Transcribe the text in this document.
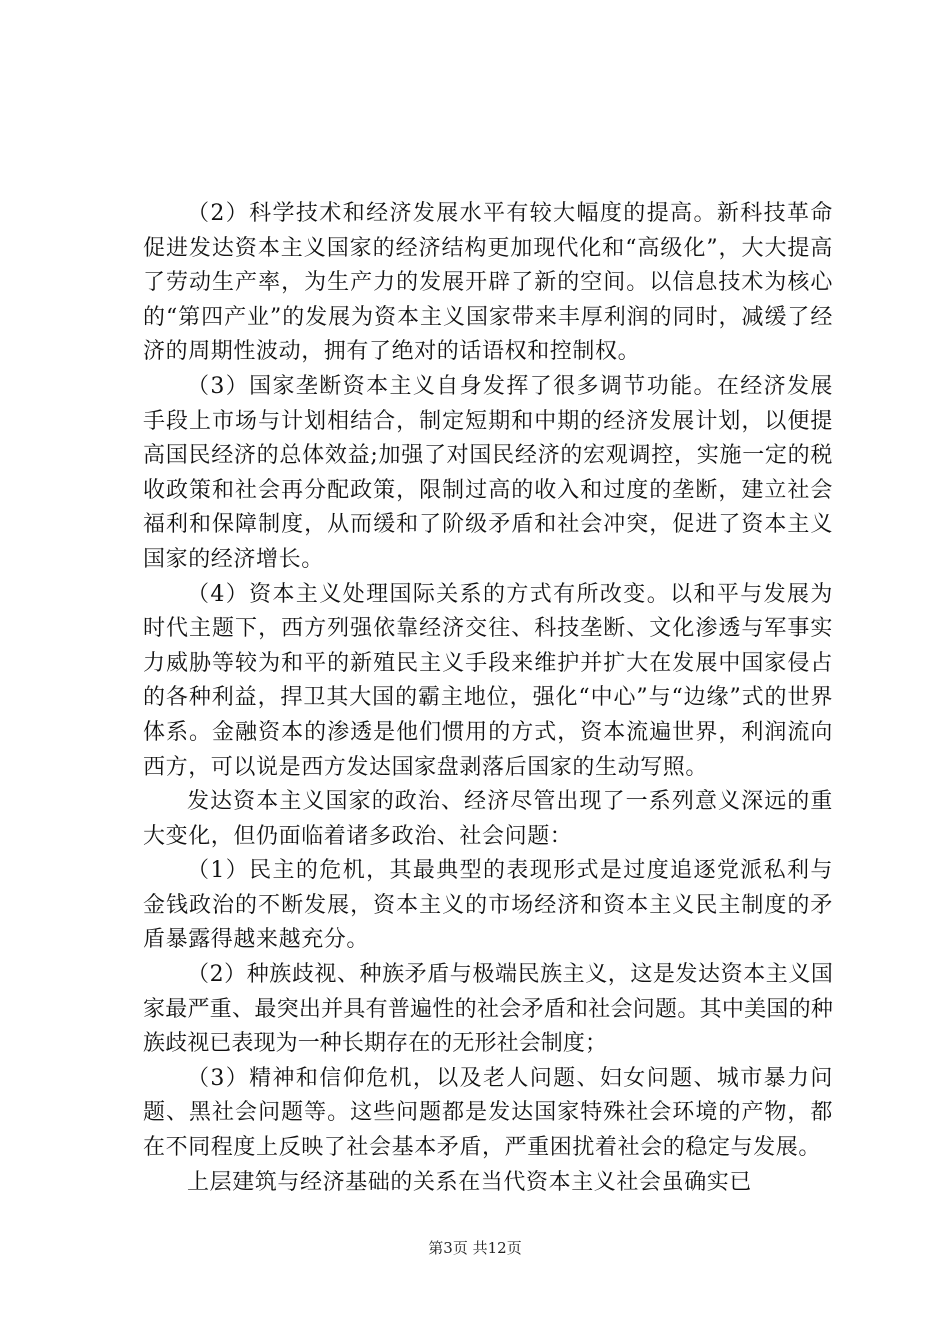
（2）科学技术和经济发展水平有较大幅度的提高。新科技革命促进发达资本主义国家的经济结构更加现代化和“高级化”，大大提高了劳动生产率，为生产力的发展开辟了新的空间。以信息技术为核心的“第四产业”的发展为资本主义国家带来丰厚利润的同时，减缓了经济的周期性波动，拥有了绝对的话语权和控制权。

（3）国家垄断资本主义自身发挥了很多调节功能。在经济发展手段上市场与计划相结合，制定短期和中期的经济发展计划，以便提高国民经济的总体效益;加强了对国民经济的宏观调控，实施一定的税收政策和社会再分配政策，限制过高的收入和过度的垄断，建立社会福利和保障制度，从而缓和了阶级矛盾和社会冲突，促进了资本主义国家的经济增长。

（4）资本主义处理国际关系的方式有所改变。以和平与发展为时代主题下，西方列强依靠经济交往、科技垄断、文化渗透与军事实力威胁等较为和平的新殖民主义手段来维护并扩大在发展中国家侵占的各种利益，捍卫其大国的霸主地位，强化“中心”与“边缘”式的世界体系。金融资本的渗透是他们惯用的方式，资本流遍世界，利润流向西方，可以说是西方发达国家盘剥落后国家的生动写照。

发达资本主义国家的政治、经济尽管出现了一系列意义深远的重大变化，但仍面临着诸多政治、社会问题：

（1）民主的危机，其最典型的表现形式是过度追逐党派私利与金钱政治的不断发展，资本主义的市场经济和资本主义民主制度的矛盾暴露得越来越充分。

（2）种族歧视、种族矛盾与极端民族主义，这是发达资本主义国家最严重、最突出并具有普遍性的社会矛盾和社会问题。其中美国的种族歧视已表现为一种长期存在的无形社会制度；

（3）精神和信仰危机，以及老人问题、妇女问题、城市暴力问题、黑社会问题等。这些问题都是发达国家特殊社会环境的产物，都在不同程度上反映了社会基本矛盾，严重困扰着社会的稳定与发展。

上层建筑与经济基础的关系在当代资本主义社会虽确实已

第3页 共12页
